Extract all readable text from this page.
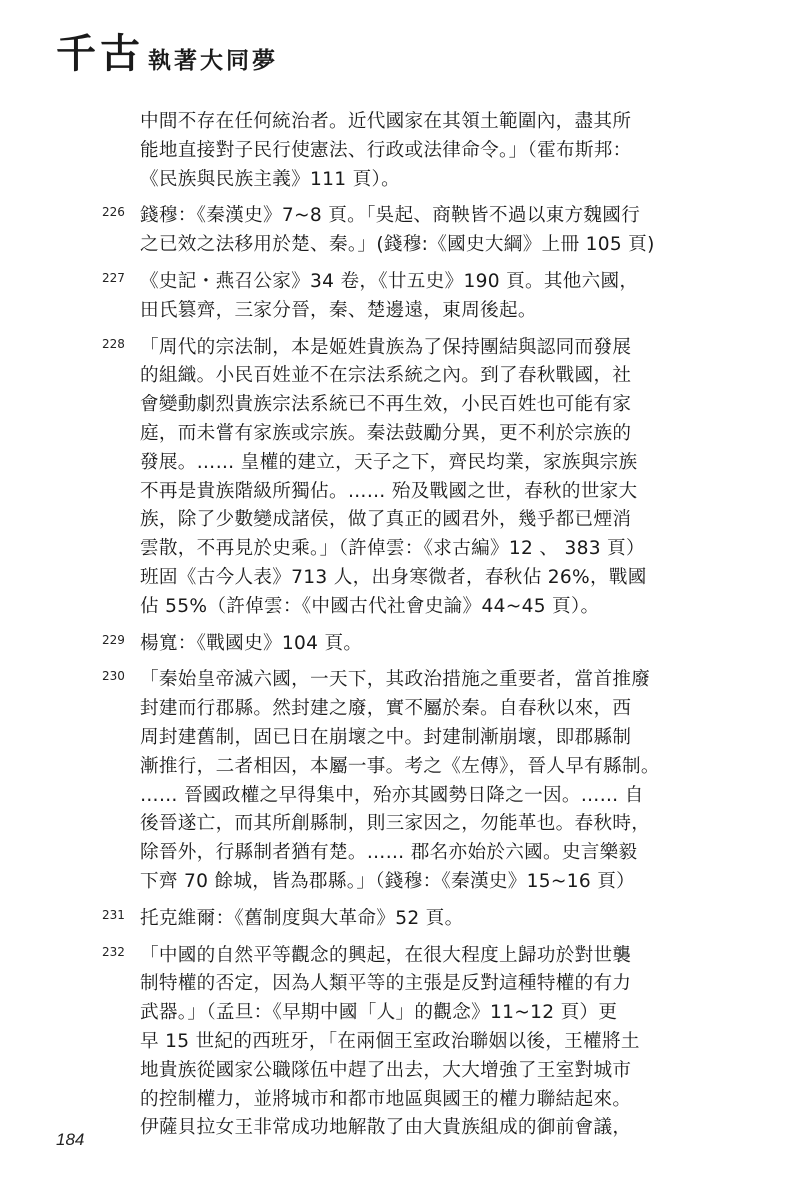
千古 執著大同夢
中間不存在任何統治者。近代國家在其領土範圍內，盡其所
能地直接對子民行使憲法、行政或法律命令。」（霍布斯邦：
《民族與民族主義》111 頁）。
226 錢穆：《秦漢史》7~8 頁。「吳起、商鞅皆不過以東方魏國行
之已效之法移用於楚、秦。」(錢穆:《國史大綱》上冊 105 頁)
227 《史記・燕召公家》34 卷，《廿五史》190 頁。其他六國，
田氏篡齊，三家分晉，秦、楚邊遠，東周後起。
228 「周代的宗法制，本是姬姓貴族為了保持團結與認同而發展
的組織。小民百姓並不在宗法系統之內。到了春秋戰國，社
會變動劇烈貴族宗法系統已不再生效，小民百姓也可能有家
庭，而未嘗有家族或宗族。秦法鼓勵分異，更不利於宗族的
發展。…… 皇權的建立，天子之下，齊民均業，家族與宗族
不再是貴族階級所獨佔。…… 殆及戰國之世，春秋的世家大
族，除了少數變成諸侯，做了真正的國君外，幾乎都已煙消
雲散，不再見於史乘。」（許倬雲：《求古編》12 、 383 頁）
班固《古今人表》713 人，出身寒微者，春秋佔 26%，戰國
佔 55%（許倬雲：《中國古代社會史論》44~45 頁）。
229 楊寬：《戰國史》104 頁。
230 「秦始皇帝滅六國，一天下，其政治措施之重要者，當首推廢
封建而行郡縣。然封建之廢，實不屬於秦。自春秋以來，西
周封建舊制，固已日在崩壞之中。封建制漸崩壞，即郡縣制
漸推行，二者相因，本屬一事。考之《左傳》，晉人早有縣制。
…… 晉國政權之早得集中，殆亦其國勢日降之一因。…… 自
後晉遂亡，而其所創縣制，則三家因之，勿能革也。春秋時，
除晉外，行縣制者猶有楚。…… 郡名亦始於六國。史言樂毅
下齊 70 餘城，皆為郡縣。」（錢穆：《秦漢史》15~16 頁）
231 托克維爾：《舊制度與大革命》52 頁。
232 「中國的自然平等觀念的興起，在很大程度上歸功於對世襲
制特權的否定，因為人類平等的主張是反對這種特權的有力
武器。」（孟旦：《早期中國「人」的觀念》11~12 頁）更
早 15 世紀的西班牙，「在兩個王室政治聯姻以後，王權將土
地貴族從國家公職隊伍中趕了出去，大大增強了王室對城市
的控制權力，並將城市和都市地區與國王的權力聯結起來。
伊薩貝拉女王非常成功地解散了由大貴族組成的御前會議，
184
